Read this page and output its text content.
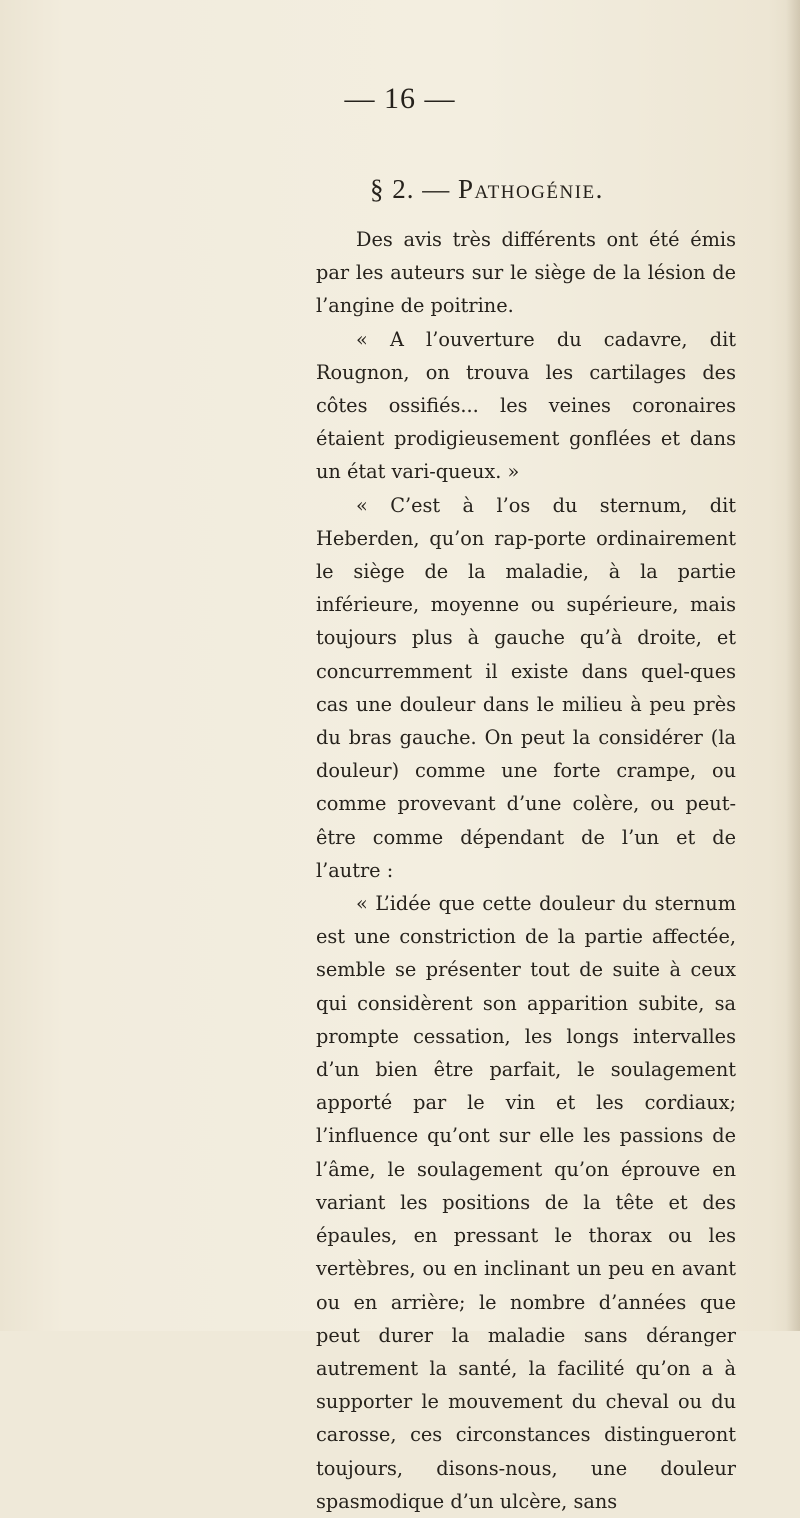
— 16 —
§ 2. — Pathogénie.

Des avis très différents ont été émis par les auteurs sur le siège de la lésion de l’angine de poitrine.

« A l’ouverture du cadavre, dit Rougnon, on trouva les cartilages des côtes ossifiés... les veines coronaires étaient prodigieusement gonflées et dans un état vari-queux. »

« C’est à l’os du sternum, dit Heberden, qu’on rap-porte ordinairement le siège de la maladie, à la partie inférieure, moyenne ou supérieure, mais toujours plus à gauche qu’à droite, et concurremment il existe dans quel-ques cas une douleur dans le milieu à peu près du bras gauche. On peut la considérer (la douleur) comme une forte crampe, ou comme provevant d’une colère, ou peut-être comme dépendant de l’un et de l’autre :

« L’idée que cette douleur du sternum est une constriction de la partie affectée, semble se présenter tout de suite à ceux qui considèrent son apparition subite, sa prompte cessation, les longs intervalles d’un bien être parfait, le soulagement apporté par le vin et les cordiaux; l’influence qu’ont sur elle les passions de l’âme, le soulagement qu’on éprouve en variant les positions de la tête et des épaules, en pressant le thorax ou les vertèbres, ou en inclinant un peu en avant ou en arrière; le nombre d’années que peut durer la maladie sans déranger autrement la santé, la facilité qu’on a à supporter le mouvement du cheval ou du carosse, ces circonstances distingueront toujours, disons-nous, une douleur spasmodique d’un ulcère, sans
